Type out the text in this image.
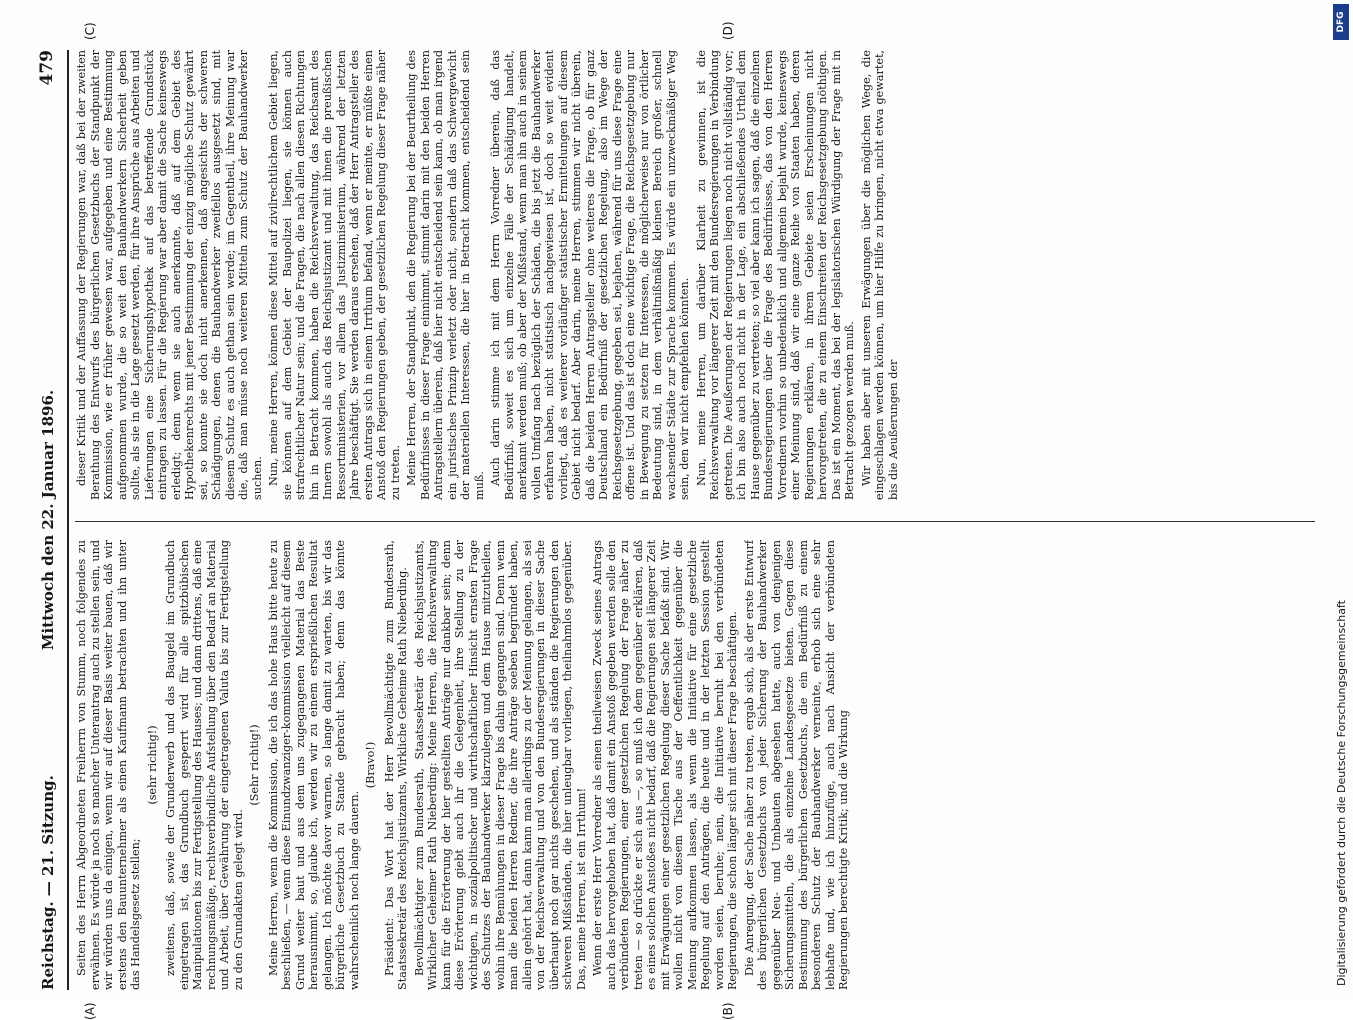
Reichstag. — 21. Sitzung.
Mittwoch den 22. Januar 1896.
479
(A)	(B)
(C)	(D)

Seiten des Herrn Abgeordneten Freiherrn von Stumm, noch folgendes zu erwähnen. Es würde ja noch so mancher Unterantrag auch zu stellen sein, und wir würden uns da einigen, wenn wir auf dieser Basis weiter bauen, daß wir erstens den Bauunternehmer als einen Kaufmann betrachten und ihn unter das Handelsgesetz stellen;

(sehr richtig!) zweitens, daß, sowie der Grunderwerb und das Baugeld im Grundbuch eingetragen ist, das Grundbuch gesperrt wird für alle spitzbübischen Manipulationen bis zur Fertigstellung des Hauses; und dann drittens, daß eine rechnungsmäßige, rechtsverbindliche Aufstellung über den Bedarf an Material und Arbeit, über Gewährung der eingetragenen Valuta bis zur Fertigstellung zu den Grundakten gelegt wird.

(Sehr richtig!) Meine Herren, wenn die Kommission, die ich das hohe Haus bitte heute zu beschließen, — wenn diese Einundzwanziger-kommission vielleicht auf diesem Grund weiter baut und aus dem uns zugegangenen Material das Beste herausnimmt, so, glaube ich, werden wir zu einem ersprießlichen Resultat gelangen. Ich möchte davor warnen, so lange damit zu warten, bis wir das bürgerliche Gesetzbuch zu Stande gebracht haben; denn das könnte wahrscheinlich noch lange dauern.

(Bravo!) Präsident: Das Wort hat der Herr Bevollmächtigte zum Bundesrath, Staatssekretär des Reichsjustizamts, Wirkliche Geheime Rath Nieberding. Bevollmächtigter zum Bundesrath, Staatssekretär des Reichsjustizamts, Wirklicher Geheimer Rath Nieberding: Meine Herren, die Reichsverwaltung kann für die Erörterung der hier gestellten Anträge nur dankbar sein; denn diese Erörterung giebt auch ihr die Gelegenheit, ihre Stellung zu der wichtigen, in sozialpolitischer und wirthschaftlicher Hinsicht ernsten Frage des Schutzes der Bauhandwerker klarzulegen und dem Hause mitzutheilen, wohin ihre Bemühungen in dieser Frage bis dahin gegangen sind. Denn wenn man die beiden Herren Redner, die ihre Anträge soeben begründet haben, allein gehört hat, dann kann man allerdings zu der Meinung gelangen, als sei von der Reichsverwaltung und von den Bundesregierungen in dieser Sache überhaupt noch gar nichts geschehen, und als ständen die Regierungen den schweren Mißständen, die hier unleugbar vorliegen, theilnahmlos gegenüber. Das, meine Herren, ist ein Irrthum! Wenn der erste Herr Vorredner als einen theilweisen Zweck seines Antrags auch das hervorgehoben hat, daß damit ein Anstoß gegeben werden solle den verbündeten Regierungen, einer gesetzlichen Regelung der Frage näher zu treten — so drückte er sich aus —, so muß ich dem gegenüber erklären, daß es eines solchen Anstoßes nicht bedarf, daß die Regierungen seit längerer Zeit mit Erwägungen einer gesetzlichen Regelung dieser Sache befaßt sind. Wir wollen nicht von diesem Tische aus der Oeffentlichkeit gegenüber die Meinung aufkommen lassen, als wenn die Initiative für eine gesetzliche Regelung auf den Anträgen, die heute und in der letzten Session gestellt worden seien, beruhe; nein, die Initiative beruht bei den verbündeten Regierungen, die schon länger sich mit dieser Frage beschäftigen. Die Anregung, der Sache näher zu treten, ergab sich, als der erste Entwurf des bürgerlichen Gesetzbuchs von jeder Sicherung der Bauhandwerker gegenüber Neu- und Umbauten abgesehen hatte, auch von denjenigen Sicherungsmitteln, die als einzelne Landesgesetze bieten. Gegen diese Bestimmung des bürgerlichen Gesetzbuchs, die ein Bedürfniß zu einem besonderen Schutz der Bauhandwerker verneinte, erhob sich eine sehr lebhafte und, wie ich hinzufüge, auch nach Ansicht der verbündeten Regierungen berechtigte Kritik; und die Wirkung

dieser Kritik und der Auffassung der Regierungen war, daß bei der zweiten Berathung des Entwurfs des bürgerlichen Gesetzbuchs der Standpunkt der Kommission, wie er früher gewesen war, aufgegeben und eine Bestimmung aufgenommen wurde, die so weit den Bauhandwerkern Sicherheit geben sollte, als sie in die Lage gesetzt werden, für ihre Ansprüche aus Arbeiten und Lieferungen eine Sicherungshypothek auf das betreffende Grundstück eintragen zu lassen. Für die Regierung war aber damit die Sache keineswegs erledigt; denn wenn sie auch anerkannte, daß auf dem Gebiet des Hypothekenrechts mit jener Bestimmung der einzig mögliche Schutz gewährt sei, so konnte sie doch nicht anerkennen, daß angesichts der schweren Schädigungen, denen die Bauhandwerker zweifellos ausgesetzt sind, mit diesem Schutz es auch gethan sein werde; im Gegentheil, ihre Meinung war die, daß man müsse noch weiteren Mitteln zum Schutz der Bauhandwerker suchen. Nun, meine Herren, können diese Mittel auf zivilrechtlichem Gebiet liegen, sie können auf dem Gebiet der Baupolizei liegen, sie können auch strafrechtlicher Natur sein; und die Fragen, die nach allen diesen Richtungen hin in Betracht kommen, haben die Reichsverwaltung, das Reichsamt des Innern sowohl als auch das Reichsjustizamt und mit ihnen die preußischen Ressortministerien, vor allem das Justizministerium, während der letzten Jahre beschäftigt. Sie werden daraus ersehen, daß der Herr Antragsteller des ersten Antrags sich in einem Irrthum befand, wenn er meinte, er müßte einen Anstoß den Regierungen geben, der gesetzlichen Regelung dieser Frage näher zu treten. Meine Herren, der Standpunkt, den die Regierung bei der Beurtheilung des Bedürfnisses in dieser Frage einnimmt, stimmt darin mit den beiden Herren Antragstellern überein, daß hier nicht entscheidend sein kann, ob man irgend ein juristisches Prinzip verletzt oder nicht, sondern daß das Schwergewicht der materiellen Interessen, die hier in Betracht kommen, entscheidend sein muß. Auch darin stimme ich mit dem Herrn Vorredner überein, daß das Bedürfniß, soweit es sich um einzelne Fälle der Schädigung handelt, anerkannt werden muß; ob aber der Mißstand, wenn man ihn auch in seinem vollen Umfang nach bezüglich der Schäden, die bis jetzt die Bauhandwerker erfahren haben, nicht statistisch nachgewiesen ist, doch so weit evident vorliegt, daß es weiterer vorläufiger statistischer Ermittelungen auf diesem Gebiet nicht bedarf. Aber darin, meine Herren, stimmen wir nicht überein, daß die beiden Herren Antragsteller ohne weiteres die Frage, ob für ganz Deutschland ein Bedürfniß der gesetzlichen Regelung, also im Wege der Reichsgesetzgebung, gegeben sei, bejahen, während für uns diese Frage eine offene ist. Und das ist doch eine wichtige Frage, die Reichsgesetzgebung nur in Bewegung zu setzen für Interessen, die möglicherweise nur von örtlicher Bedeutung sind, in dem verhältnißmäßig kleinen Bereich großer, schnell wachsender Städte zur Sprache kommen. Es würde ein unzweckmäßiger Weg sein, den wir nicht empfehlen könnten. Nun, meine Herren, um darüber Klarheit zu gewinnen, ist die Reichsverwaltung vor längerer Zeit mit den Bundesregierungen in Verbindung getreten. Die Aeußerungen der Regierungen liegen noch nicht vollständig vor; ich bin also auch noch nicht in der Lage, ein abschließendes Urtheil dem Hause gegenüber zu vertreten; so viel aber kann ich sagen, daß die einzelnen Bundesregierungen über die Frage des Bedürfnisses, das von den Herren Vorrednern vorhin so unbedenklich und allgemein bejaht wurde, keineswegs einer Meinung sind, daß wir eine ganze Reihe von Staaten haben, deren Regierungen erklären, in ihrem Gebiete seien Erscheinungen nicht hervorgetreten, die zu einem Einschreiten der Reichsgesetzgebung nöthigen. Das ist ein Moment, das bei der legislatorischen Würdigung der Frage mit in Betracht gezogen werden muß. Wir haben aber mit unseren Erwägungen über die möglichen Wege, die eingeschlagen werden können, um hier Hilfe zu bringen, nicht etwa gewartet, bis die Aeußerungen der

Digitalisierung gefördert durch die Deutsche Forschungsgemeinschaft
DFG
